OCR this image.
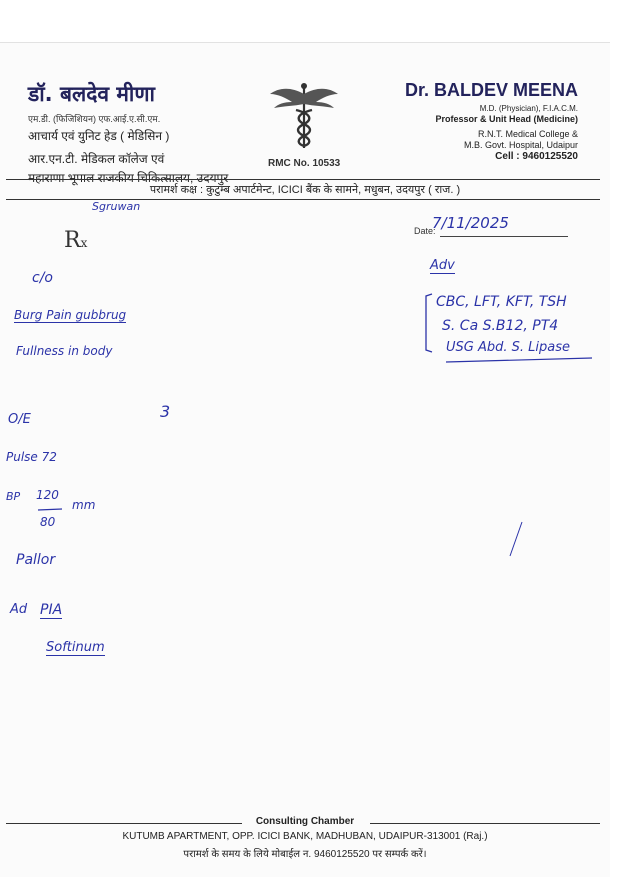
डॉ. बलदेव मीणा
एम.डी. (फिजिशियन) एफ.आई.ए.सी.एम.
आचार्य एवं युनिट हेड ( मेडिसिन )
आर.एन.टी. मेडिकल कॉलेज एवं
महाराणा भूपाल राजकीय चिकित्सालय, उदयपुर
RMC No. 10533
Dr. BALDEV MEENA
M.D. (Physician), F.I.A.C.M.
Professor & Unit Head (Medicine)
R.N.T. Medical College &
M.B. Govt. Hospital, Udaipur
Cell : 9460125520
परामर्श कक्ष : कुटुम्ब अपार्टमेन्ट, ICICI बैंक के सामने, मधुबन, उदयपुर ( राज. )
Rx
Date:
Sgruwan
7/11/2025
Adv
CBC, LFT, KFT, TSH
S. Ca S.B12, PT4
USG Abd. S. Lipase
c/o
Burg Pain gubbrug
Fullness in body
3
O/E
Pulse 72
BP 120
80
mm
Pallor
Ad PIA
Softinum
Consulting Chamber
KUTUMB APARTMENT, OPP. ICICI BANK, MADHUBAN, UDAIPUR-313001 (Raj.)
परामर्श के समय के लिये मोबाईल न. 9460125520 पर सम्पर्क करें।
